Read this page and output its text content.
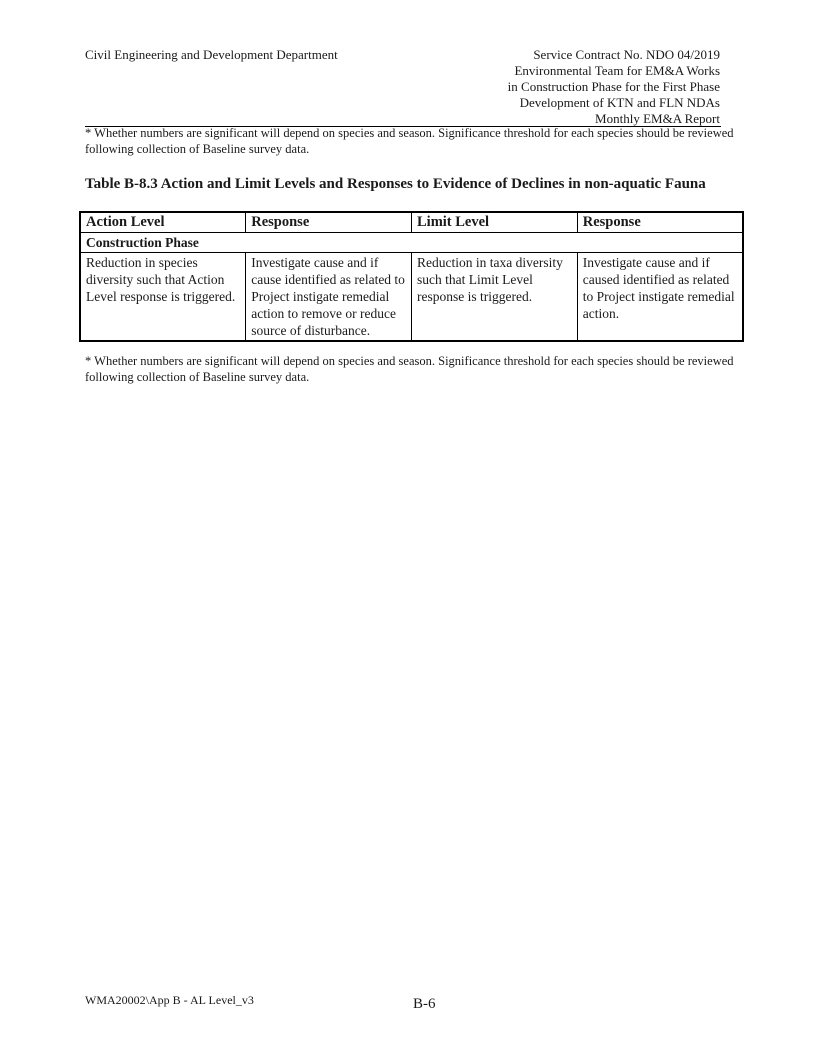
Civil Engineering and Development Department	Service Contract No. NDO 04/2019
Environmental Team for EM&A Works
in Construction Phase for the First Phase
Development of KTN and FLN NDAs
Monthly EM&A Report
* Whether numbers are significant will depend on species and season. Significance threshold for each species should be reviewed following collection of Baseline survey data.
Table B-8.3 Action and Limit Levels and Responses to Evidence of Declines in non-aquatic Fauna
Action Level	Response	Limit Level	Response
Construction Phase			
Reduction in species diversity such that Action Level response is triggered.	Investigate cause and if cause identified as related to Project instigate remedial action to remove or reduce source of disturbance.	Reduction in taxa diversity such that Limit Level response is triggered.	Investigate cause and if caused identified as related to Project instigate remedial action.
* Whether numbers are significant will depend on species and season. Significance threshold for each species should be reviewed following collection of Baseline survey data.
WMA20002\App B - AL Level_v3	B-6
